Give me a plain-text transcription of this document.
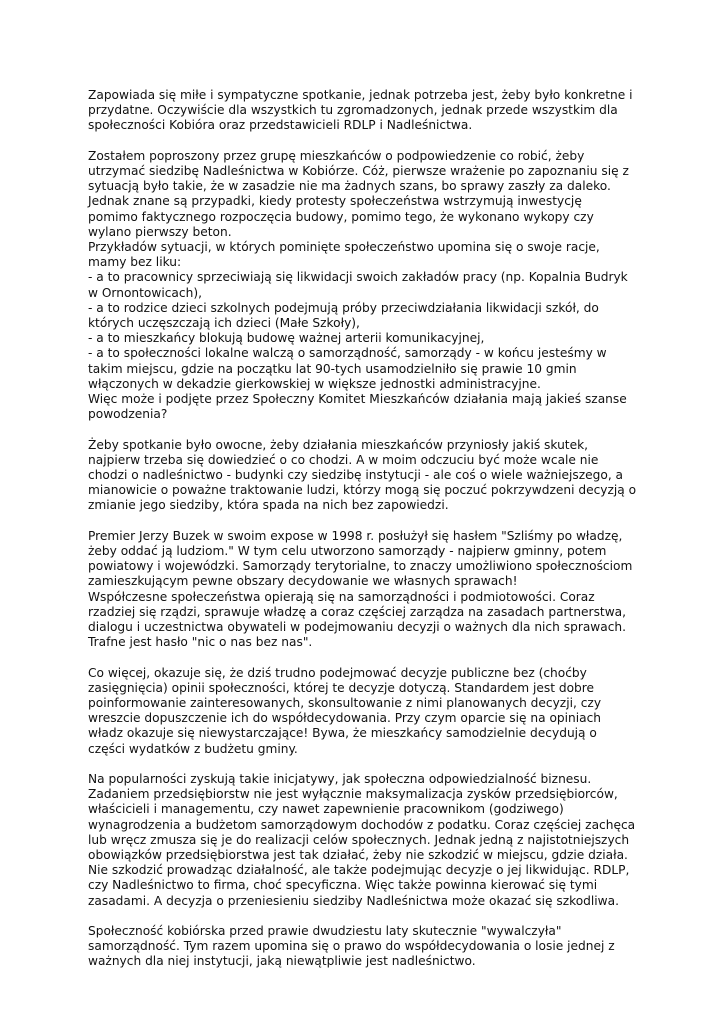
Zapowiada się miłe i sympatyczne spotkanie, jednak potrzeba jest, żeby było konkretne i
przydatne. Oczywiście dla wszystkich tu zgromadzonych, jednak przede wszystkim dla
społeczności Kobióra oraz przedstawicieli RDLP i Nadleśnictwa.

Zostałem poproszony przez grupę mieszkańców o podpowiedzenie co robić, żeby
utrzymać siedzibę Nadleśnictwa w Kobiórze. Cóż, pierwsze wrażenie po zapoznaniu się z
sytuacją było takie, że w zasadzie nie ma żadnych szans, bo sprawy zaszły za daleko.
Jednak znane są przypadki, kiedy protesty społeczeństwa wstrzymują inwestycję
pomimo faktycznego rozpoczęcia budowy, pomimo tego, że wykonano wykopy czy
wylano pierwszy beton.
Przykładów sytuacji, w których pominięte społeczeństwo upomina się o swoje racje,
mamy bez liku:
- a to pracownicy sprzeciwiają się likwidacji swoich zakładów pracy (np. Kopalnia Budryk
w Ornontowicach),
- a to rodzice dzieci szkolnych podejmują próby przeciwdziałania likwidacji szkół, do
których uczęszczają ich dzieci (Małe Szkoły),
- a to mieszkańcy blokują budowę ważnej arterii komunikacyjnej,
- a to społeczności lokalne walczą o samorządność, samorządy - w końcu jesteśmy w
takim miejscu, gdzie na początku lat 90-tych usamodzielniło się prawie 10 gmin
włączonych w dekadzie gierkowskiej w większe jednostki administracyjne.
Więc może i podjęte przez Społeczny Komitet Mieszkańców działania mają jakieś szanse
powodzenia?

Żeby spotkanie było owocne, żeby działania mieszkańców przyniosły jakiś skutek,
najpierw trzeba się dowiedzieć o co chodzi. A w moim odczuciu być może wcale nie
chodzi o nadleśnictwo - budynki czy siedzibę instytucji - ale coś o wiele ważniejszego, a
mianowicie o poważne traktowanie ludzi, którzy mogą się poczuć pokrzywdzeni decyzją o
zmianie jego siedziby, która spada na nich bez zapowiedzi.

Premier Jerzy Buzek w swoim expose w 1998 r. posłużył się hasłem "Szliśmy po władzę,
żeby oddać ją ludziom." W tym celu utworzono samorządy - najpierw gminny, potem
powiatowy i wojewódzki. Samorządy terytorialne, to znaczy umożliwiono społecznościom
zamieszkującym pewne obszary decydowanie we własnych sprawach!
Współczesne społeczeństwa opierają się na samorządności i podmiotowości. Coraz
rzadziej się rządzi, sprawuje władzę a coraz częściej zarządza na zasadach partnerstwa,
dialogu i uczestnictwa obywateli w podejmowaniu decyzji o ważnych dla nich sprawach.
Trafne jest hasło "nic o nas bez nas".

Co więcej, okazuje się, że dziś trudno podejmować decyzje publiczne bez (choćby
zasięgnięcia) opinii społeczności, której te decyzje dotyczą. Standardem jest dobre
poinformowanie zainteresowanych, skonsultowanie z nimi planowanych decyzji, czy
wreszcie dopuszczenie ich do współdecydowania. Przy czym oparcie się na opiniach
władz okazuje się niewystarczające! Bywa, że mieszkańcy samodzielnie decydują o
części wydatków z budżetu gminy.

Na popularności zyskują takie inicjatywy, jak społeczna odpowiedzialność biznesu.
Zadaniem przedsiębiorstw nie jest wyłącznie maksymalizacja zysków przedsiębiorców,
właścicieli i managementu, czy nawet zapewnienie pracownikom (godziwego)
wynagrodzenia a budżetom samorządowym dochodów z podatku. Coraz częściej zachęca
lub wręcz zmusza się je do realizacji celów społecznych. Jednak jedną z najistotniejszych
obowiązków przedsiębiorstwa jest tak działać, żeby nie szkodzić w miejscu, gdzie działa.
Nie szkodzić prowadząc działalność, ale także podejmując decyzje o jej likwidując. RDLP,
czy Nadleśnictwo to firma, choć specyficzna. Więc także powinna kierować się tymi
zasadami. A decyzja o przeniesieniu siedziby Nadleśnictwa może okazać się szkodliwa.

Społeczność kobiórska przed prawie dwudziestu laty skutecznie "wywalczyła"
samorządność. Tym razem upomina się o prawo do współdecydowania o losie jednej z
ważnych dla niej instytucji, jaką niewątpliwie jest nadleśnictwo.
